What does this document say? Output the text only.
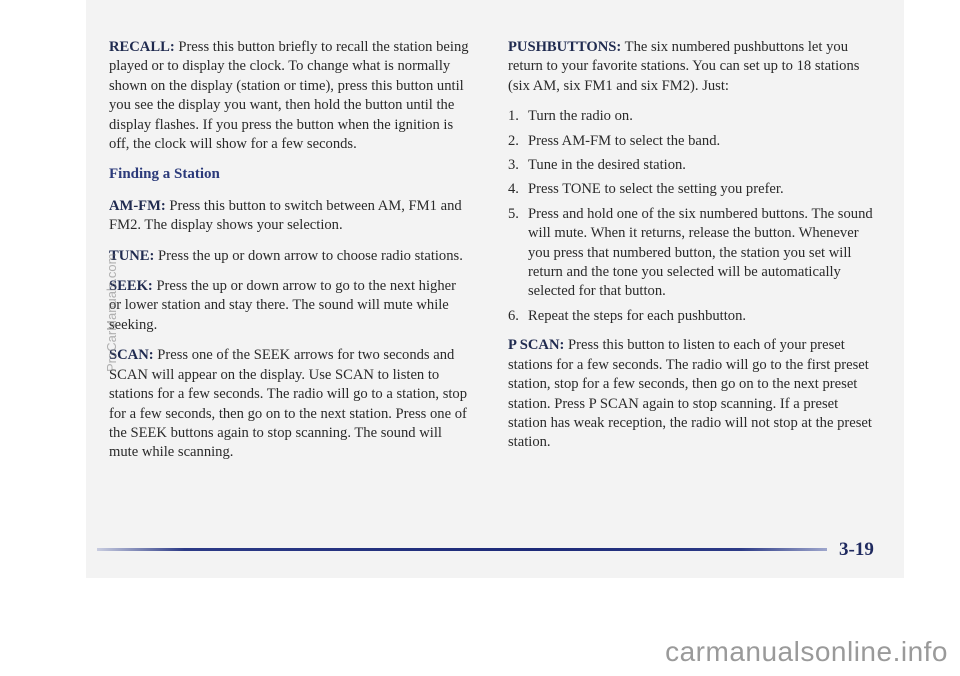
RECALL: Press this button briefly to recall the station being played or to display the clock. To change what is normally shown on the display (station or time), press this button until you see the display you want, then hold the button until the display flashes. If you press the button when the ignition is off, the clock will show for a few seconds.

Finding a Station

AM-FM: Press this button to switch between AM, FM1 and FM2. The display shows your selection.

TUNE: Press the up or down arrow to choose radio stations.

SEEK: Press the up or down arrow to go to the next higher or lower station and stay there. The sound will mute while seeking.

SCAN: Press one of the SEEK arrows for two seconds and SCAN will appear on the display. Use SCAN to listen to stations for a few seconds. The radio will go to a station, stop for a few seconds, then go on to the next station. Press one of the SEEK buttons again to stop scanning. The sound will mute while scanning.

PUSHBUTTONS: The six numbered pushbuttons let you return to your favorite stations. You can set up to 18 stations (six AM, six FM1 and six FM2). Just:

1. Turn the radio on.
2. Press AM-FM to select the band.
3. Tune in the desired station.
4. Press TONE to select the setting you prefer.
5. Press and hold one of the six numbered buttons. The sound will mute. When it returns, release the button. Whenever you press that numbered button, the station you set will return and the tone you selected will be automatically selected for that button.
6. Repeat the steps for each pushbutton.

P SCAN: Press this button to listen to each of your preset stations for a few seconds. The radio will go to the first preset station, stop for a few seconds, then go on to the next preset station. Press P SCAN again to stop scanning. If a preset station has weak reception, the radio will not stop at the preset station.

3-19
ProCarManuals.com
carmanualsonline.info
